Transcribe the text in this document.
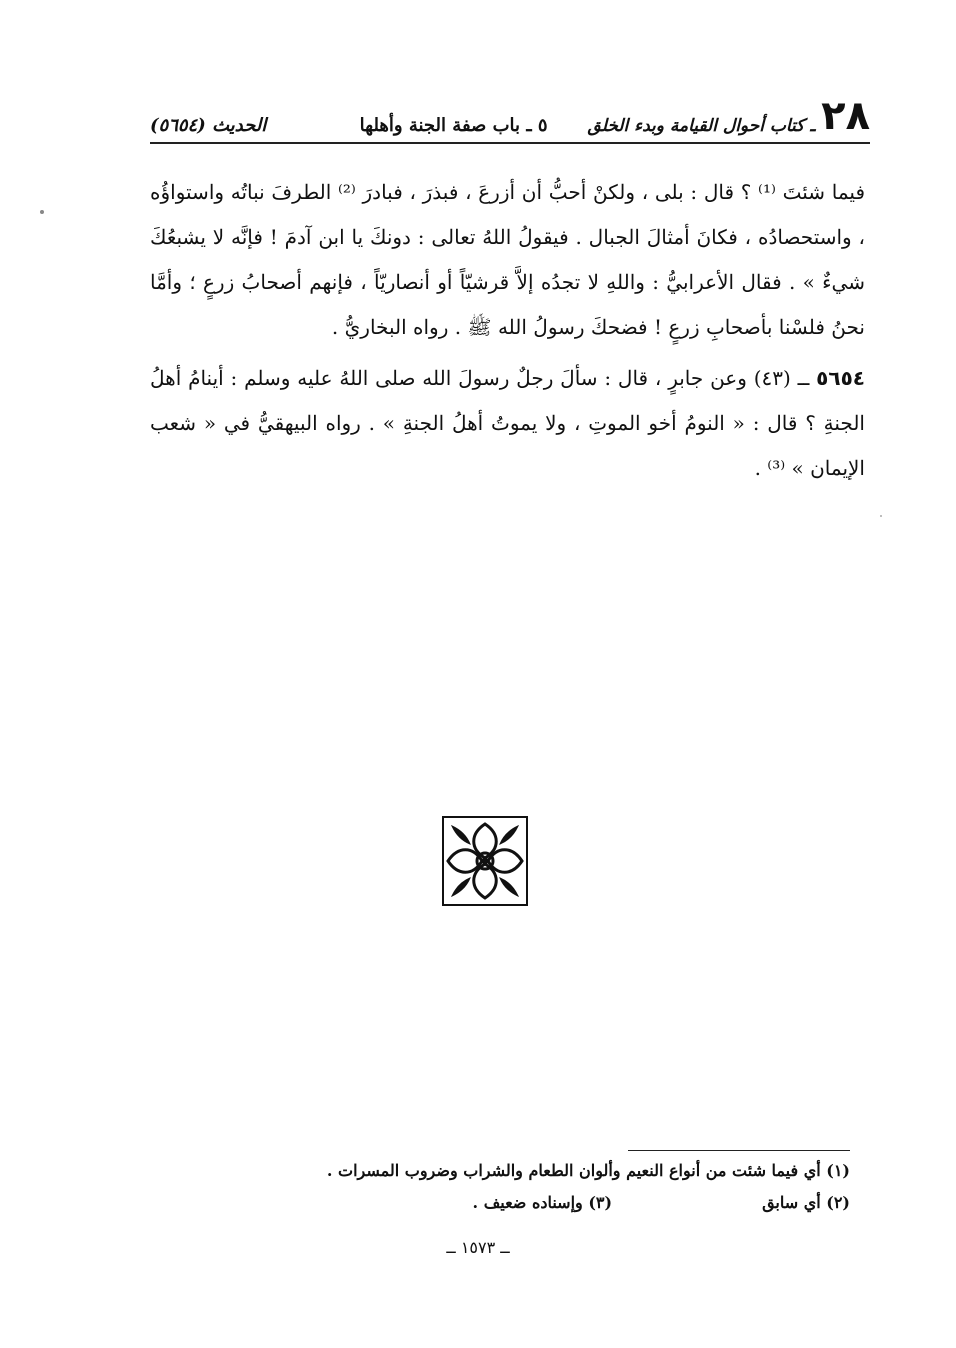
٢٨
ـ كتاب أحوال القيامة وبدء الخلق
٥ ـ باب صفة الجنة وأهلها
الحديث (٥٦٥٤)

فيما شئتَ ⁽¹⁾ ؟ قال : بلى ، ولكنْ أحبُّ أن أزرعَ ، فبذرَ ، فبادرَ ⁽²⁾ الطرفَ نباتُه واستواؤُه ، واستحصادُه ، فكانَ أمثالَ الجبال . فيقولُ اللهُ تعالى : دونكَ يا ابن آدمَ ! فإنَّه لا يشبعُكَ شيءٌ » . فقال الأعرابيُّ : واللهِ لا تجدُه إلاَّ قرشيّاً أو أنصاريّاً ، فإنهم أصحابُ زرعٍ ؛ وأمَّا نحنُ فلسْنا بأصحابِ زرعٍ ! فضحكَ رسولُ الله ﷺ . رواه البخاريُّ .

٥٦٥٤ ــ (٤٣) وعن جابرٍ ، قال : سألَ رجلٌ رسولَ الله صلى اللهُ عليه وسلم : أينامُ أهلُ الجنةِ ؟ قال : « النومُ أخو الموتِ ، ولا يموتُ أهلُ الجنةِ » . رواه البيهقيُّ في « شعب الإيمان » ⁽³⁾ .

(١) أي فيما شئت من أنواع النعيم وألوان الطعام والشراب وضروب المسرات .
(٢) أي سابق
(٣) وإسناده ضعيف .
ــ ١٥٧٣ ــ
